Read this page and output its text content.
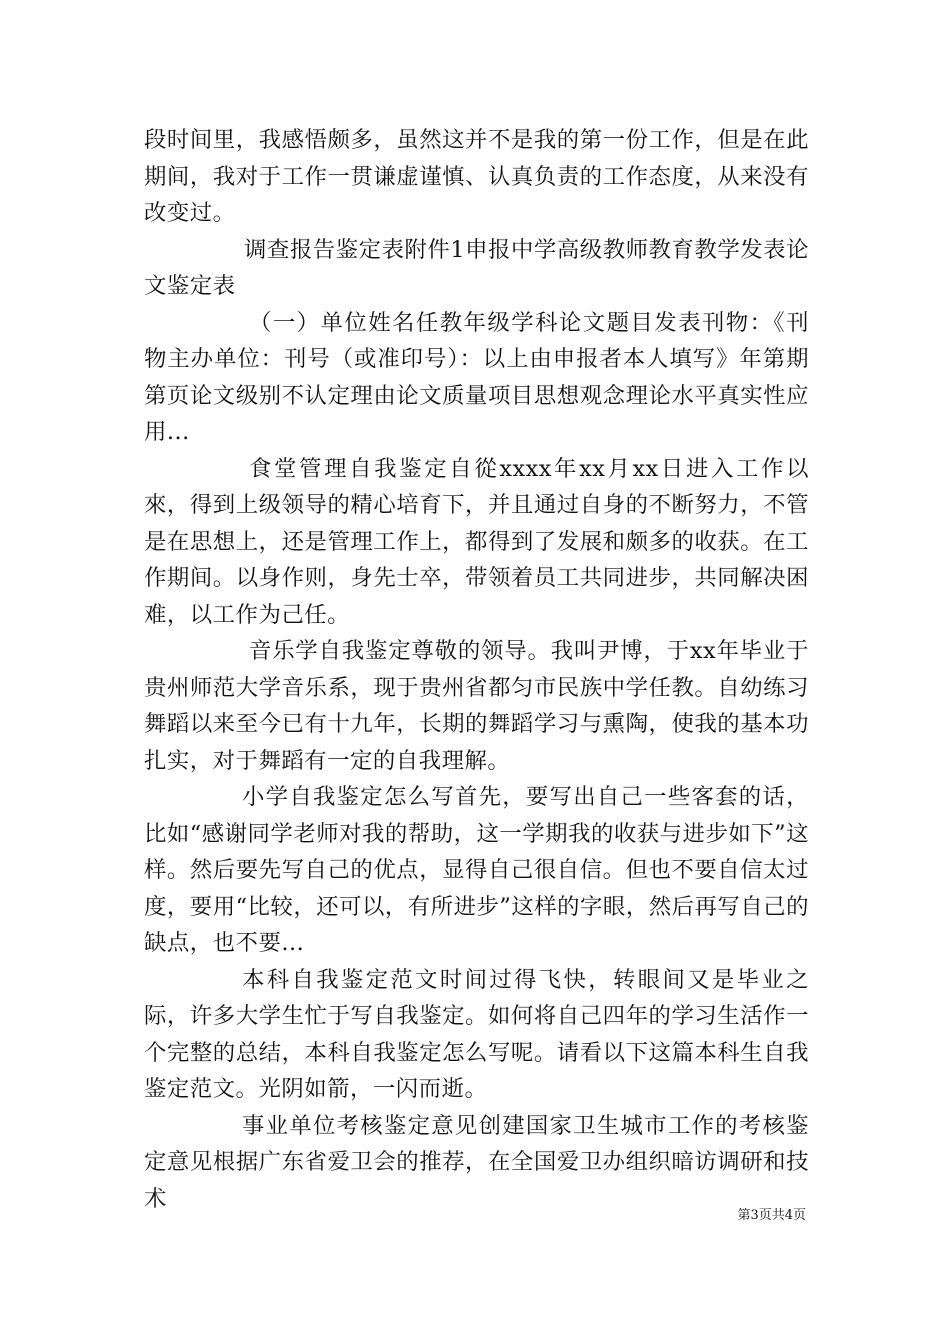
段时间里，我感悟颇多，虽然这并不是我的第一份工作，但是在此期间，我对于工作一贯谦虚谨慎、认真负责的工作态度，从来没有改变过。

调查报告鉴定表附件1申报中学高级教师教育教学发表论文鉴定表

（一）单位姓名任教年级学科论文题目发表刊物：《刊物主办单位：刊号（或准印号）：以上由申报者本人填写》年第期第页论文级别不认定理由论文质量项目思想观念理论水平真实性应用...

食堂管理自我鉴定自從xxxx年xx月xx日进入工作以來，得到上级领导的精心培育下，并且通过自身的不断努力，不管是在思想上，还是管理工作上，都得到了发展和颇多的收获。在工作期间。以身作则，身先士卒，带领着员工共同进步，共同解决困难，以工作为己任。

音乐学自我鉴定尊敬的领导。我叫尹博，于xx年毕业于贵州师范大学音乐系，现于贵州省都匀市民族中学任教。自幼练习舞蹈以来至今已有十九年，长期的舞蹈学习与熏陶，使我的基本功扎实，对于舞蹈有一定的自我理解。

小学自我鉴定怎么写首先，要写出自己一些客套的话，比如“感谢同学老师对我的帮助，这一学期我的收获与进步如下”这样。然后要先写自己的优点，显得自己很自信。但也不要自信太过度，要用“比较，还可以，有所进步”这样的字眼，然后再写自己的缺点，也不要...

本科自我鉴定范文时间过得飞快，转眼间又是毕业之际，许多大学生忙于写自我鉴定。如何将自己四年的学习生活作一个完整的总结，本科自我鉴定怎么写呢。请看以下这篇本科生自我鉴定范文。光阴如箭，一闪而逝。

事业单位考核鉴定意见创建国家卫生城市工作的考核鉴定意见根据广东省爱卫会的推荐，在全国爱卫办组织暗访调研和技术

第3页共4页
